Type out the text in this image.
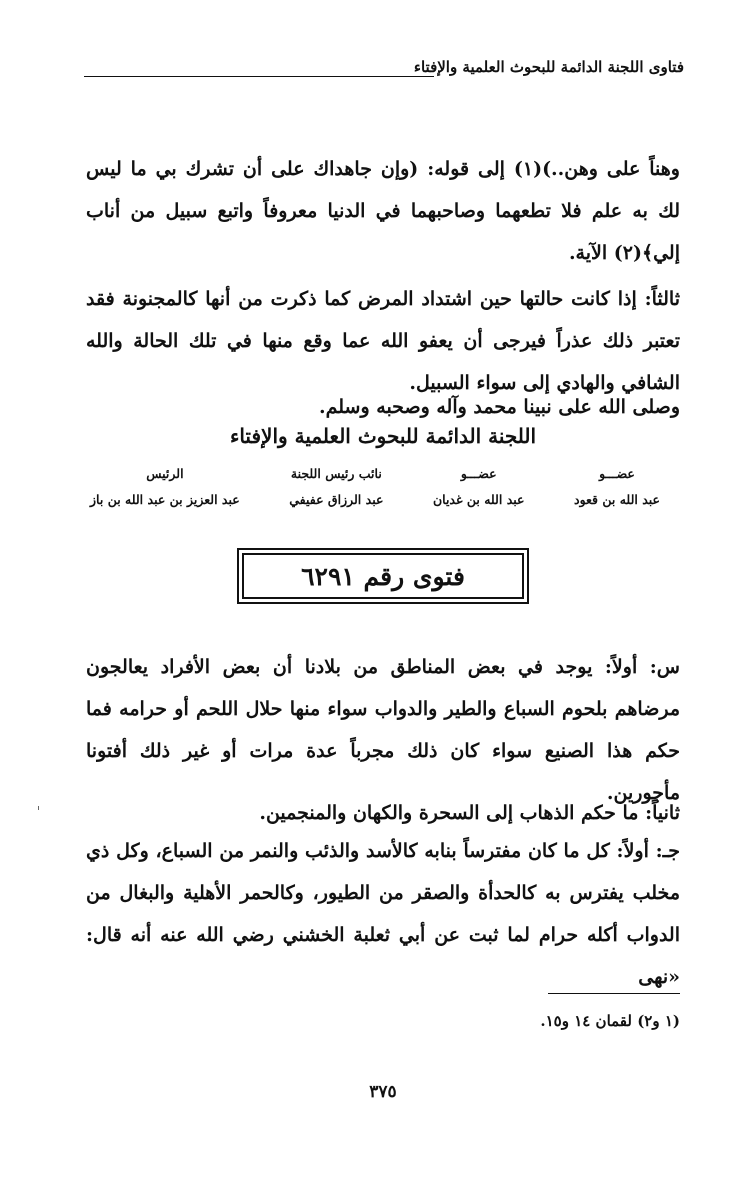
فتاوى اللجنة الدائمة للبحوث العلمية والإفتاء

وهناً على وهن..)(١) إلى قوله: (وإن جاهداك على أن تشرك بي ما ليس لك به علم فلا تطعهما وصاحبهما في الدنيا معروفاً واتبع سبيل من أناب إلي﴾(٢) الآية.

ثالثاً: إذا كانت حالتها حين اشتداد المرض كما ذكرت من أنها كالمجنونة فقد تعتبر ذلك عذراً فيرجى أن يعفو الله عما وقع منها في تلك الحالة والله الشافي والهادي إلى سواء السبيل.

وصلى الله على نبينا محمد وآله وصحبه وسلم.

اللجنة الدائمة للبحوث العلمية والإفتاء
عضـــو
عبد الله بن قعود
عضـــو
عبد الله بن غديان
نائب رئيس اللجنة
عبد الرزاق عفيفي
الرئيس
عبد العزيز بن عبد الله بن باز
فتوى رقم ٦٢٩١

س: أولاً: يوجد في بعض المناطق من بلادنا أن بعض الأفراد يعالجون مرضاهم بلحوم السباع والطير والدواب سواء منها حلال اللحم أو حرامه فما حكم هذا الصنيع سواء كان ذلك مجرباً عدة مرات أو غير ذلك أفتونا مأجورين.

ثانياً: ما حكم الذهاب إلى السحرة والكهان والمنجمين.

جـ: أولاً: كل ما كان مفترساً بنابه كالأسد والذئب والنمر من السباع، وكل ذي مخلب يفترس به كالحدأة والصقر من الطيور، وكالحمر الأهلية والبغال من الدواب أكله حرام لما ثبت عن أبي ثعلبة الخشني رضي الله عنه أنه قال: «نهى

(١ و٢) لقمان ١٤ و١٥.
٣٧٥
